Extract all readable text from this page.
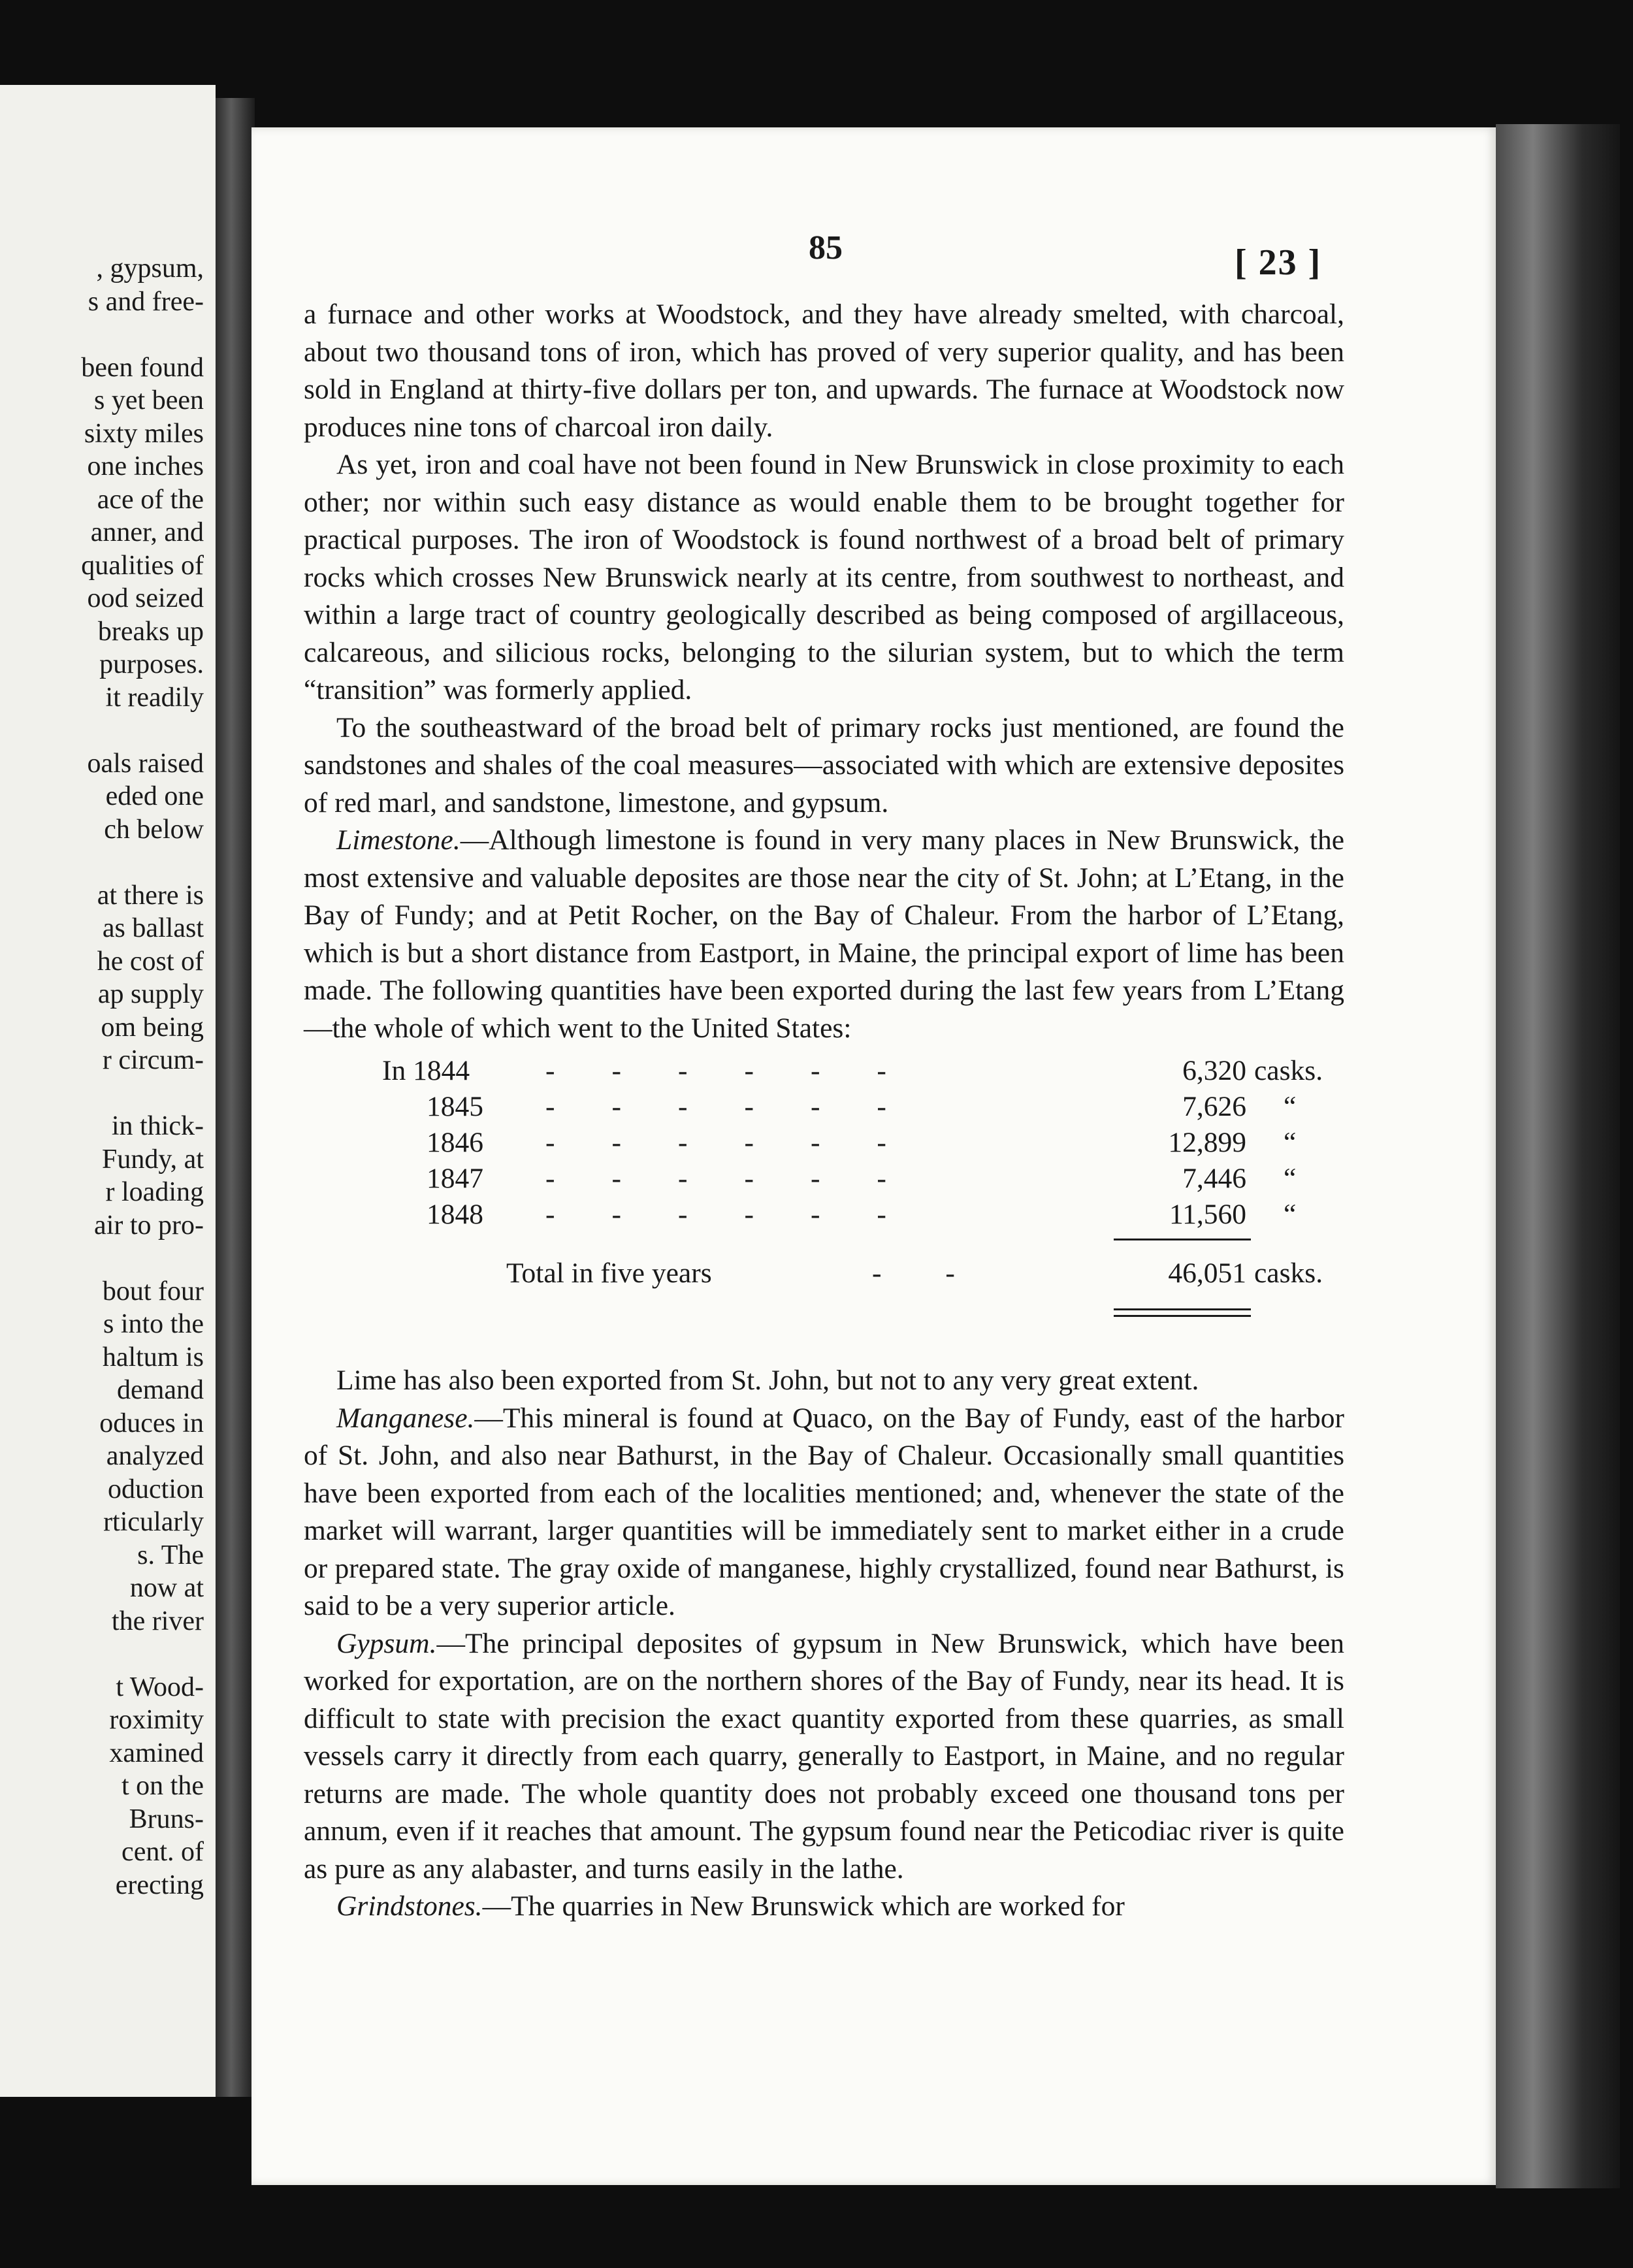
, gypsum,
s and free-
been found
s yet been
sixty miles
one inches
ace of the
anner, and
qualities of
ood seized
breaks up
purposes.
it readily
oals raised
eded one
ch below
at there is
as ballast
he cost of
ap supply
om being
r circum-
in thick-
Fundy, at
r loading
air to pro-
bout four
s into the
haltum is
demand
oduces in
analyzed
oduction
rticularly
s. The
now at
the river
t Wood-
roximity
xamined
t on the
Bruns-
cent. of
erecting
85	[ 23 ]

a furnace and other works at Woodstock, and they have already smelted, with charcoal, about two thousand tons of iron, which has proved of very superior quality, and has been sold in England at thirty-five dollars per ton, and upwards. The furnace at Woodstock now produces nine tons of charcoal iron daily.

As yet, iron and coal have not been found in New Brunswick in close proximity to each other; nor within such easy distance as would enable them to be brought together for practical purposes. The iron of Woodstock is found northwest of a broad belt of primary rocks which crosses New Brunswick nearly at its centre, from southwest to northeast, and within a large tract of country geologically described as being composed of argillaceous, calcareous, and silicious rocks, belonging to the silurian system, but to which the term “transition” was formerly applied.

To the southeastward of the broad belt of primary rocks just mentioned, are found the sandstones and shales of the coal measures—associated with which are extensive deposites of red marl, and sandstone, limestone, and gypsum.

Limestone.—Although limestone is found in very many places in New Brunswick, the most extensive and valuable deposites are those near the city of St. John; at L’Etang, in the Bay of Fundy; and at Petit Rocher, on the Bay of Chaleur. From the harbor of L’Etang, which is but a short distance from Eastport, in Maine, the principal export of lime has been made. The following quantities have been exported during the last few years from L’Etang—the whole of which went to the United States:

In 1844	-        -        -        -        -        -	6,320 casks.
1845 -        -        -        -        -        -	7,626 “
1846 -        -        -        -        -        -	12,899 “
1847 -        -        -        -        -        -	7,446 “
1848 -        -        -        -        -        -	11,560 “
Total in five years	-         -	46,051 casks.

Lime has also been exported from St. John, but not to any very great extent.

Manganese.—This mineral is found at Quaco, on the Bay of Fundy, east of the harbor of St. John, and also near Bathurst, in the Bay of Chaleur. Occasionally small quantities have been exported from each of the localities mentioned; and, whenever the state of the market will warrant, larger quantities will be immediately sent to market either in a crude or prepared state. The gray oxide of manganese, highly crystallized, found near Bathurst, is said to be a very superior article.

Gypsum.—The principal deposites of gypsum in New Brunswick, which have been worked for exportation, are on the northern shores of the Bay of Fundy, near its head. It is difficult to state with precision the exact quantity exported from these quarries, as small vessels carry it directly from each quarry, generally to Eastport, in Maine, and no regular returns are made. The whole quantity does not probably exceed one thousand tons per annum, even if it reaches that amount. The gypsum found near the Peticodiac river is quite as pure as any alabaster, and turns easily in the lathe.

Grindstones.—The quarries in New Brunswick which are worked for
